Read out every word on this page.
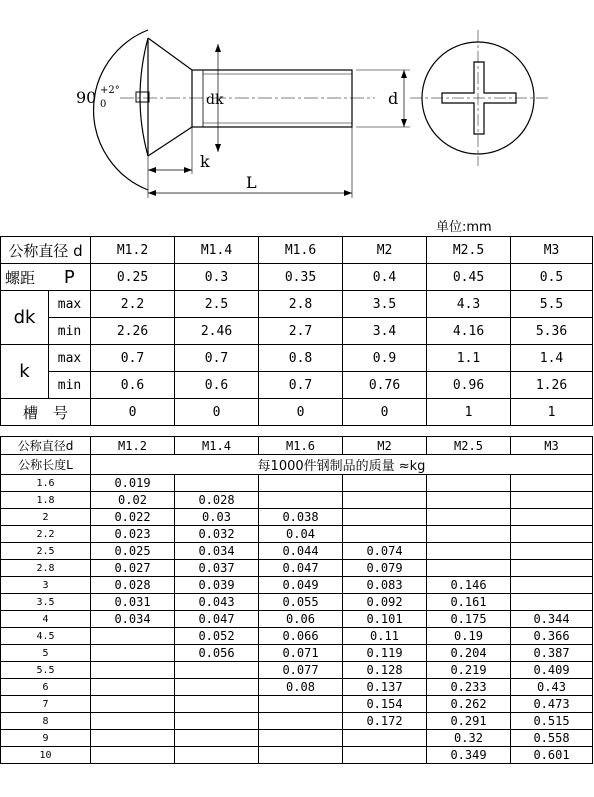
90 +2°
0	dk	d
k
L
单位:mm
公称直径 d		M1.2	M1.4	M1.6	M2	M2.5	M3
螺距	P	0.25	0.3	0.35	0.4	0.45	0.5
dk	max	2.2	2.5	2.8	3.5	4.3	5.5
	min	2.26	2.46	2.7	3.4	4.16	5.36
k	max	0.7	0.7	0.8	0.9	1.1	1.4
	min	0.6	0.6	0.7	0.76	0.96	1.26
槽　号		0	0	0	0	1	1
公称直径d	M1.2	M1.4	M1.6	M2	M2.5	M3
公称长度L	每1000件钢制品的质量 ≈kg					
1.6	0.019					
1.8	0.02	0.028				
2	0.022	0.03	0.038			
2.2	0.023	0.032	0.04			
2.5	0.025	0.034	0.044	0.074		
2.8	0.027	0.037	0.047	0.079		
3	0.028	0.039	0.049	0.083	0.146	
3.5	0.031	0.043	0.055	0.092	0.161	
4	0.034	0.047	0.06	0.101	0.175	0.344
4.5		0.052	0.066	0.11	0.19	0.366
5		0.056	0.071	0.119	0.204	0.387
5.5			0.077	0.128	0.219	0.409
6			0.08	0.137	0.233	0.43
7				0.154	0.262	0.473
8				0.172	0.291	0.515
9					0.32	0.558
10					0.349	0.601
